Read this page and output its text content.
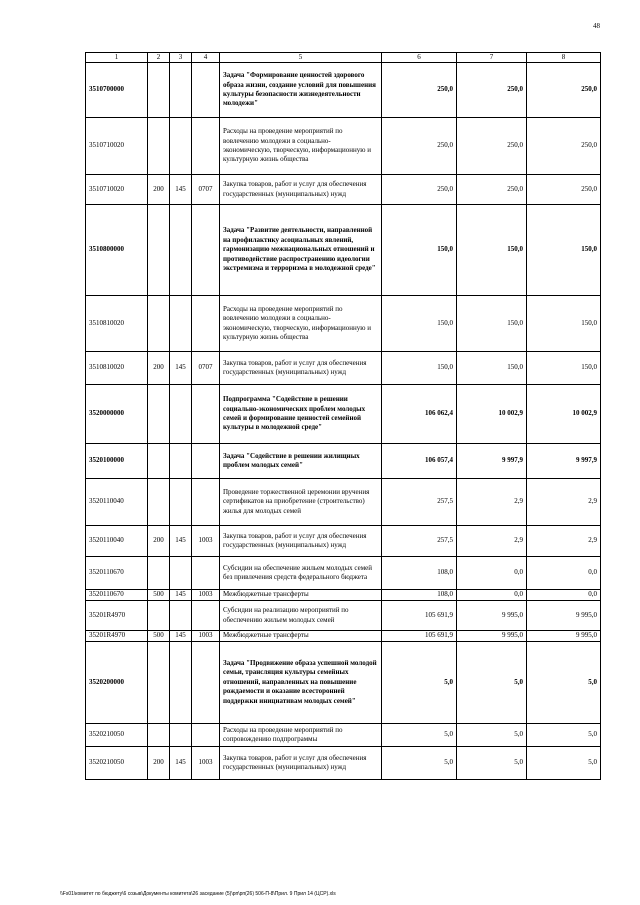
48
1	2	3	4	5	6	7	8
3510700000				Задача "Формирование ценностей здорового образа жизни, создание условий для повышения культуры безопасности жизнедеятельности молодежи"	250,0	250,0	250,0
3510710020				Расходы на проведение мероприятий по вовлечению молодежи в социально-экономическую, творческую, информационную и культурную жизнь общества	250,0	250,0	250,0
3510710020	200	145	0707	Закупка товаров, работ и услуг для обеспечения государственных (муниципальных) нужд	250,0	250,0	250,0
3510800000				Задача "Развитие деятельности, направленной на профилактику асоциальных явлений, гармонизацию межнациональных отношений и противодействие распространению идеологии экстремизма и терроризма в молодежной среде"	150,0	150,0	150,0
3510810020				Расходы на проведение мероприятий по вовлечению молодежи в социально-экономическую, творческую, информационную и культурную жизнь общества	150,0	150,0	150,0
3510810020	200	145	0707	Закупка товаров, работ и услуг для обеспечения государственных (муниципальных) нужд	150,0	150,0	150,0
3520000000				Подпрограмма "Содействие в решении социально-экономических проблем молодых семей и формирование ценностей семейной культуры в молодежной среде"	106 062,4	10 002,9	10 002,9
3520100000				Задача "Содействие в решении жилищных проблем молодых семей"	106 057,4	9 997,9	9 997,9
3520110040				Проведение торжественной церемонии вручения сертификатов на приобретение (строительство) жилья для молодых семей	257,5	2,9	2,9
3520110040	200	145	1003	Закупка товаров, работ и услуг для обеспечения государственных (муниципальных) нужд	257,5	2,9	2,9
3520110670				Субсидии на обеспечение жильем молодых семей без привлечения средств федерального бюджета	108,0	0,0	0,0
3520110670	500	145	1003	Межбюджетные трансферты	108,0	0,0	0,0
35201R4970				Субсидии на реализацию мероприятий по обеспечению жильем молодых семей	105 691,9	9 995,0	9 995,0
35201R4970	500	145	1003	Межбюджетные трансферты	105 691,9	9 995,0	9 995,0
3520200000				Задача "Продвижение образа успешной молодой семьи, трансляция культуры семейных отношений, направленных на повышение рождаемости и оказание всесторонней поддержки инициативам молодых семей"	5,0	5,0	5,0
3520210050				Расходы на проведение мероприятий по сопровождению подпрограммы	5,0	5,0	5,0
3520210050	200	145	1003	Закупка товаров, работ и услуг для обеспечения государственных (муниципальных) нужд	5,0	5,0	5,0
\\Fs01\комитет по бюджету\6 созыв\Документы комитета\26 заседание (5)\рп\рп(26) 506-П-8\Прил. 9 Прил 14 (ЦСР).xls
